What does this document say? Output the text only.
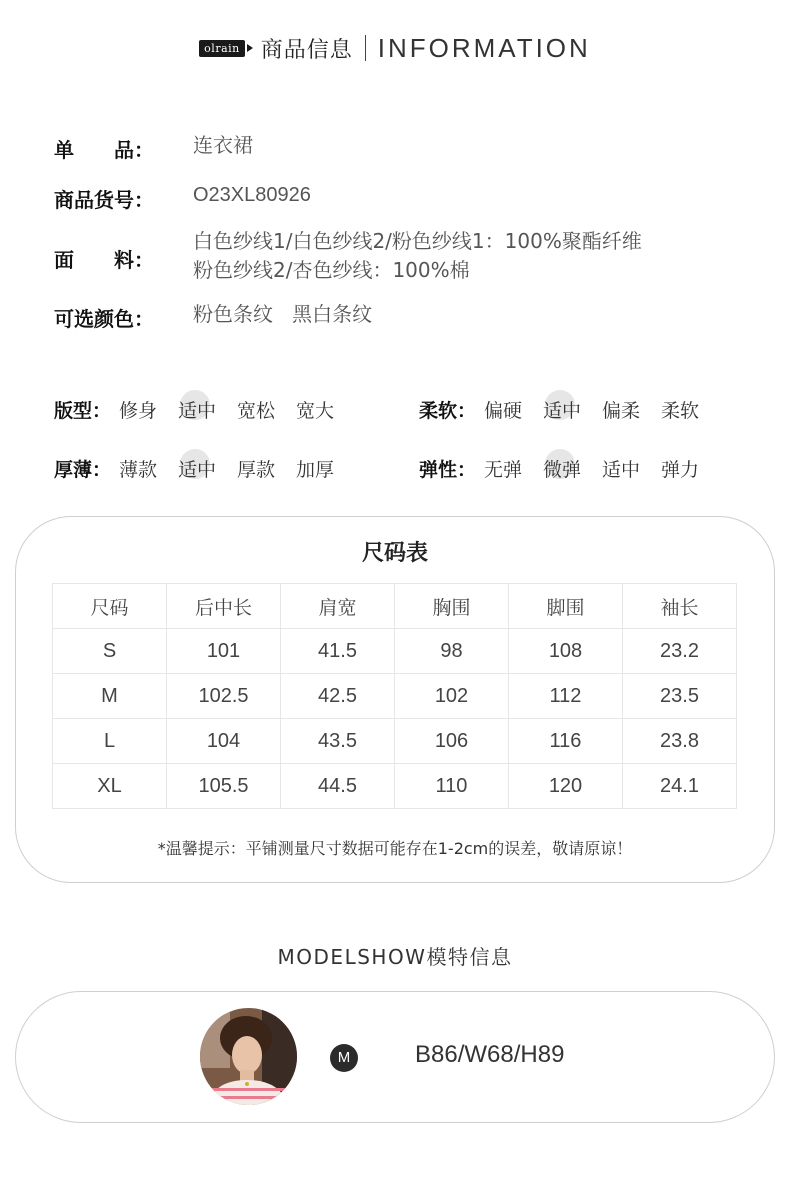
olrain 商品信息 INFORMATION
单 品： 连衣裙
商品货号：	O23XL80926
面 料：
白色纱线1/白色纱线2/粉色纱线1：100%聚酯纤维
粉色纱线2/杏色纱线：100%棉
可选颜色：	粉色条纹   黑白条纹
版型： 修身	适中	宽松	宽大	柔软： 偏硬	适中	偏柔	柔软
厚薄： 薄款	适中	厚款	加厚	弹性： 无弹	微弹	适中	弹力
尺码表
尺码	后中长	肩宽	胸围	脚围	袖长
S	101	41.5	98	108	23.2
M	102.5	42.5	102	112	23.5
L	104	43.5	106	116	23.8
XL	105.5	44.5	110	120	24.1
*温馨提示：平铺测量尺寸数据可能存在1-2cm的误差，敬请原谅！
MODELSHOW模特信息
M	B86/W68/H89
